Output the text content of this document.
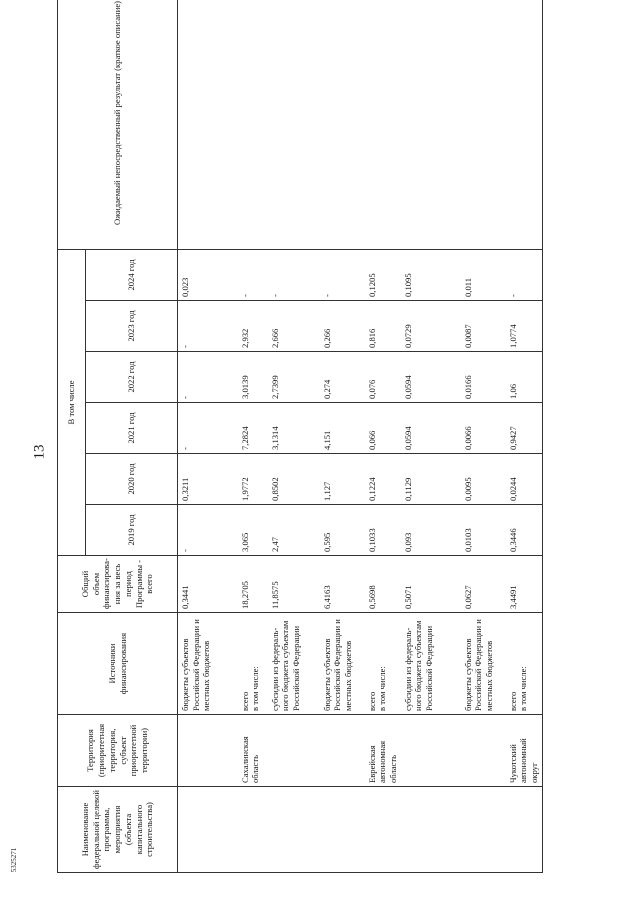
13
5325271
Наименование федеральной целевой программы, мероприятия (объекта капитального строительства)	Территория (приоритетная территория, субъект приоритетной территории)	Источники финансирования	Общий объем финансирова-ния за весь период Программы - всего	В том числе						Ожидаемый непосредственный результат (краткое описание)
				2019 год	2020 год	2021 год	2022 год	2023 год	2024 год	

		бюджеты субъектов Российской Федерации и местных бюджетов	0,3441	-	0,3211	-	-	-	0,023	
	Сахалинская область	всего в том числе:	18,2705	3,065	1,9772	7,2824	3,0139	2,932	-	

		субсидии из федераль-ного бюджета субъектам Российской Федерации	11,8575	2,47	0,8502	3,1314	2,7399	2,666	-	

		бюджеты субъектов Российской Федерации и местных бюджетов	6,4163	0,595	1,127	4,151	0,274	0,266	-	
	Еврейская автономная область	всего в том числе:	0,5698	0,1033	0,1224	0,066	0,076	0,816	0,1205	

		субсидии из федераль-ного бюджета субъектам Российской Федерации	0,5071	0,093	0,1129	0,0594	0,0594	0,0729	0,1095	

		бюджеты субъектов Российской Федерации и местных бюджетов	0,0627	0,0103	0,0095	0,0066	0,0166	0,0087	0,011	
	Чукотский автономный округ	всего в том числе:	3,4491	0,3446	0,0244	0,9427	1,06	1,0774	-	
